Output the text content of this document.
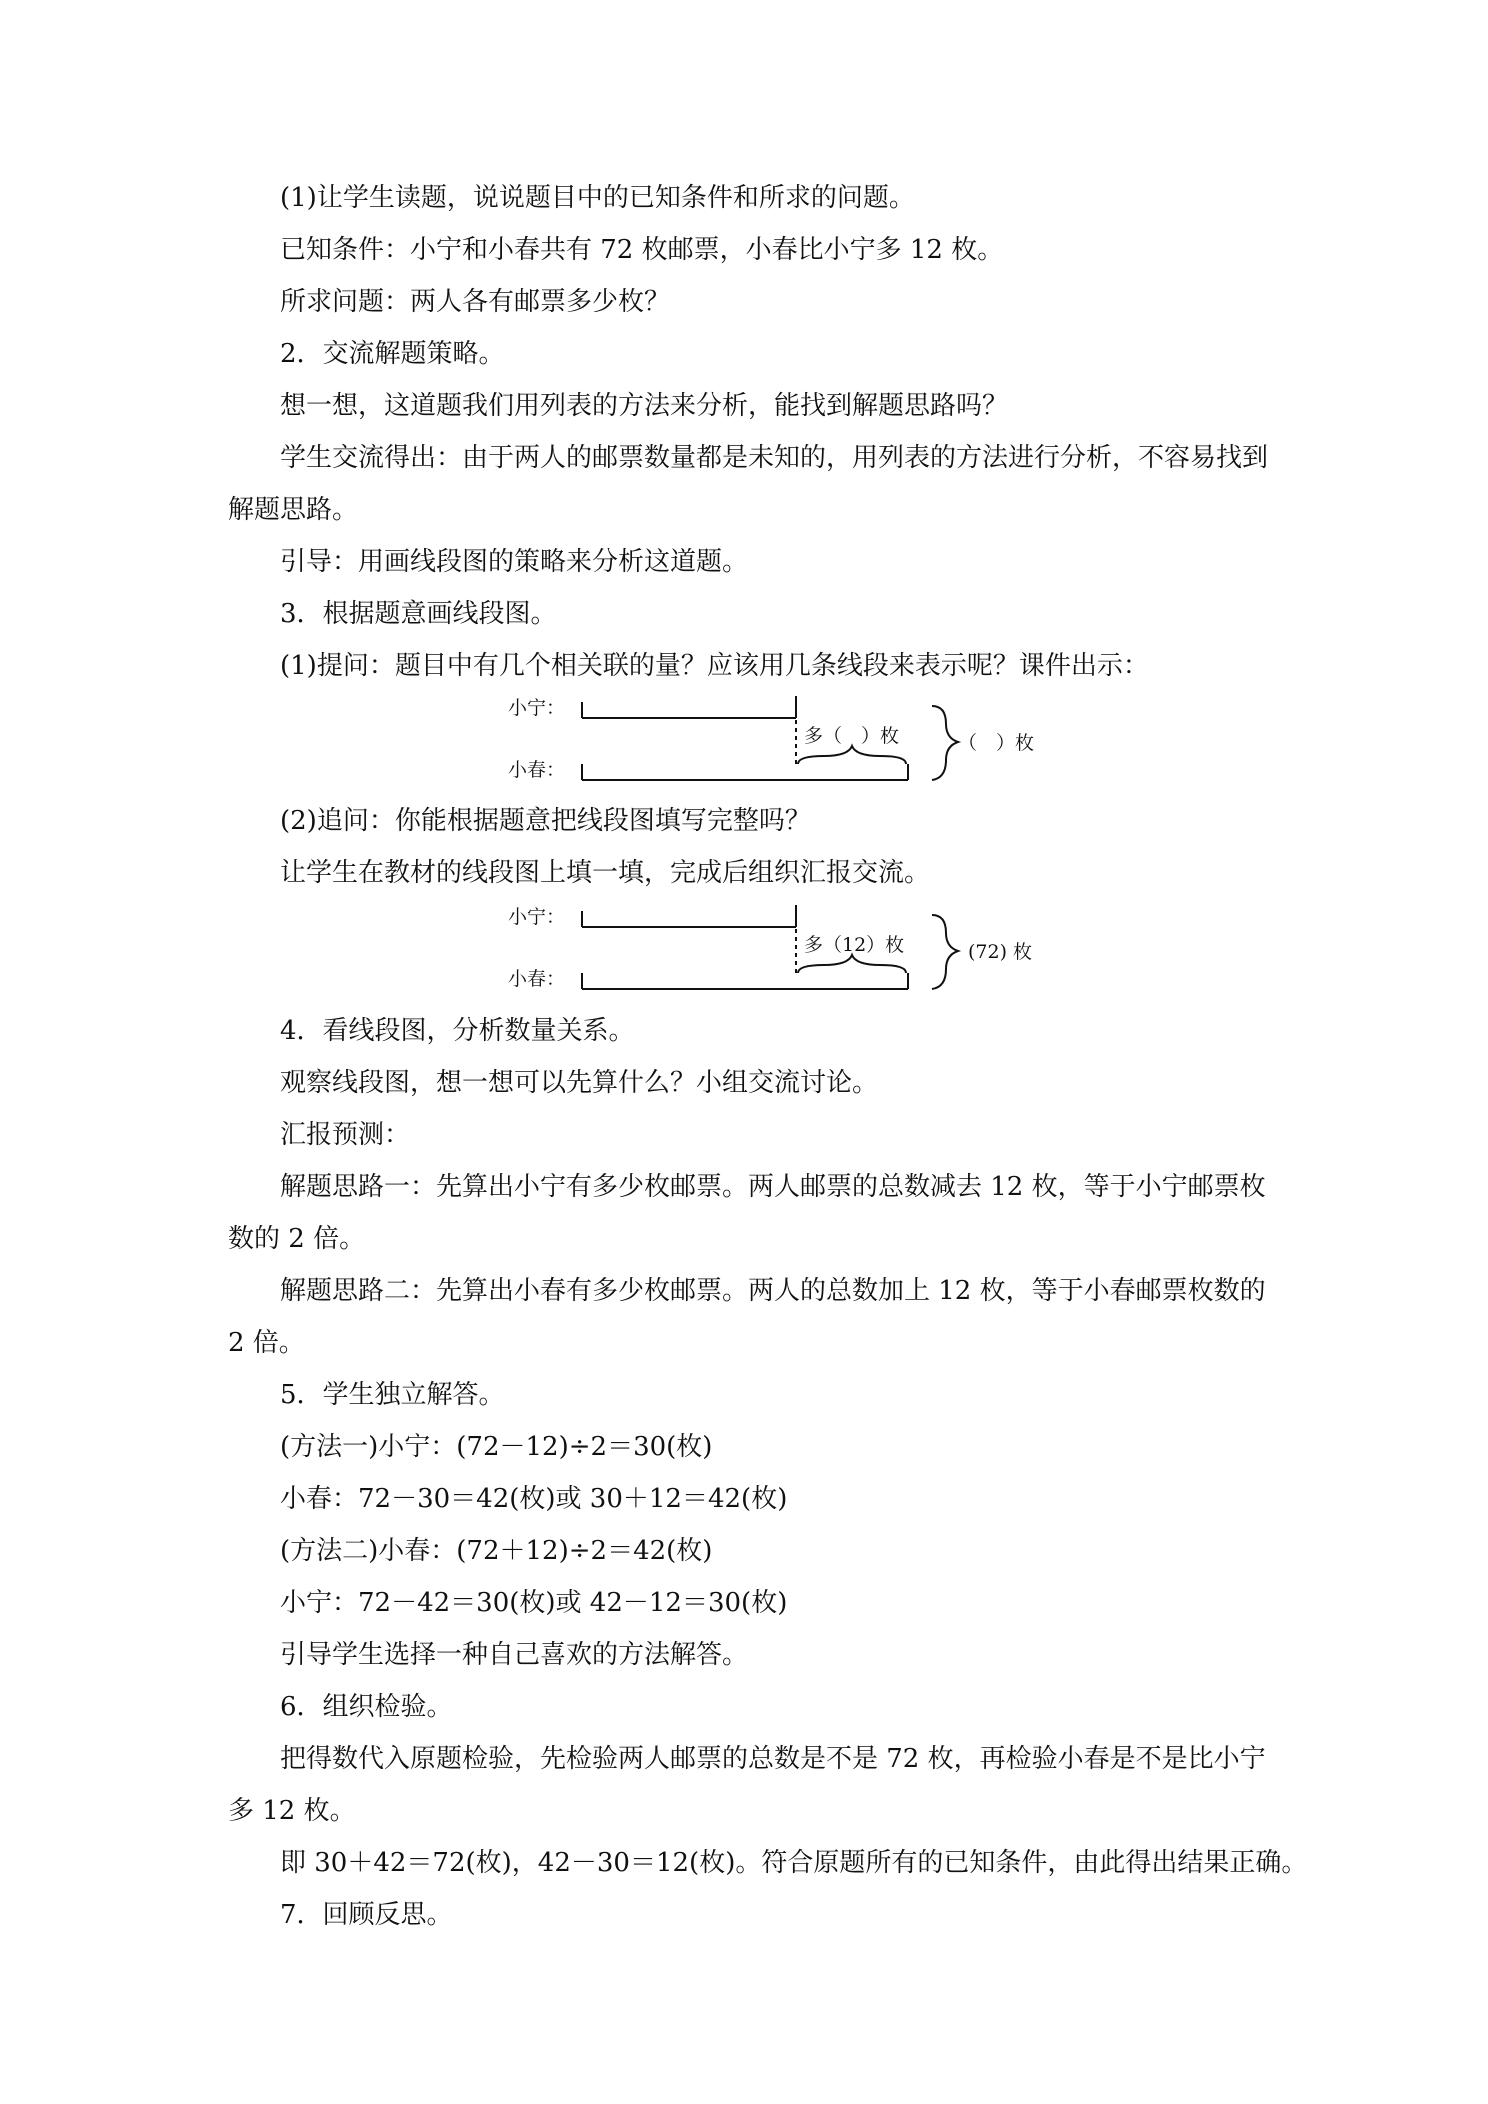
(1)让学生读题，说说题目中的已知条件和所求的问题。
已知条件：小宁和小春共有 72 枚邮票，小春比小宁多 12 枚。
所求问题：两人各有邮票多少枚？
2．交流解题策略。
想一想，这道题我们用列表的方法来分析，能找到解题思路吗？
学生交流得出：由于两人的邮票数量都是未知的，用列表的方法进行分析，不容易找到
解题思路。
引导：用画线段图的策略来分析这道题。
3．根据题意画线段图。
(1)提问：题目中有几个相关联的量？应该用几条线段来表示呢？课件出示：
小宁：
小春：
多（　）枚	（　）枚
(2)追问：你能根据题意把线段图填写完整吗？
让学生在教材的线段图上填一填，完成后组织汇报交流。
小宁：
小春：
多（12）枚	(72) 枚
4．看线段图，分析数量关系。
观察线段图，想一想可以先算什么？小组交流讨论。
汇报预测：
解题思路一：先算出小宁有多少枚邮票。两人邮票的总数减去 12 枚，等于小宁邮票枚
数的 2 倍。
解题思路二：先算出小春有多少枚邮票。两人的总数加上 12 枚，等于小春邮票枚数的
2 倍。
5．学生独立解答。
(方法一)小宁：(72－12)÷2＝30(枚)
小春：72－30＝42(枚)或 30＋12＝42(枚)
(方法二)小春：(72＋12)÷2＝42(枚)
小宁：72－42＝30(枚)或 42－12＝30(枚)
引导学生选择一种自己喜欢的方法解答。
6．组织检验。
把得数代入原题检验，先检验两人邮票的总数是不是 72 枚，再检验小春是不是比小宁
多 12 枚。
即 30＋42＝72(枚)，42－30＝12(枚)。符合原题所有的已知条件，由此得出结果正确。
7．回顾反思。
